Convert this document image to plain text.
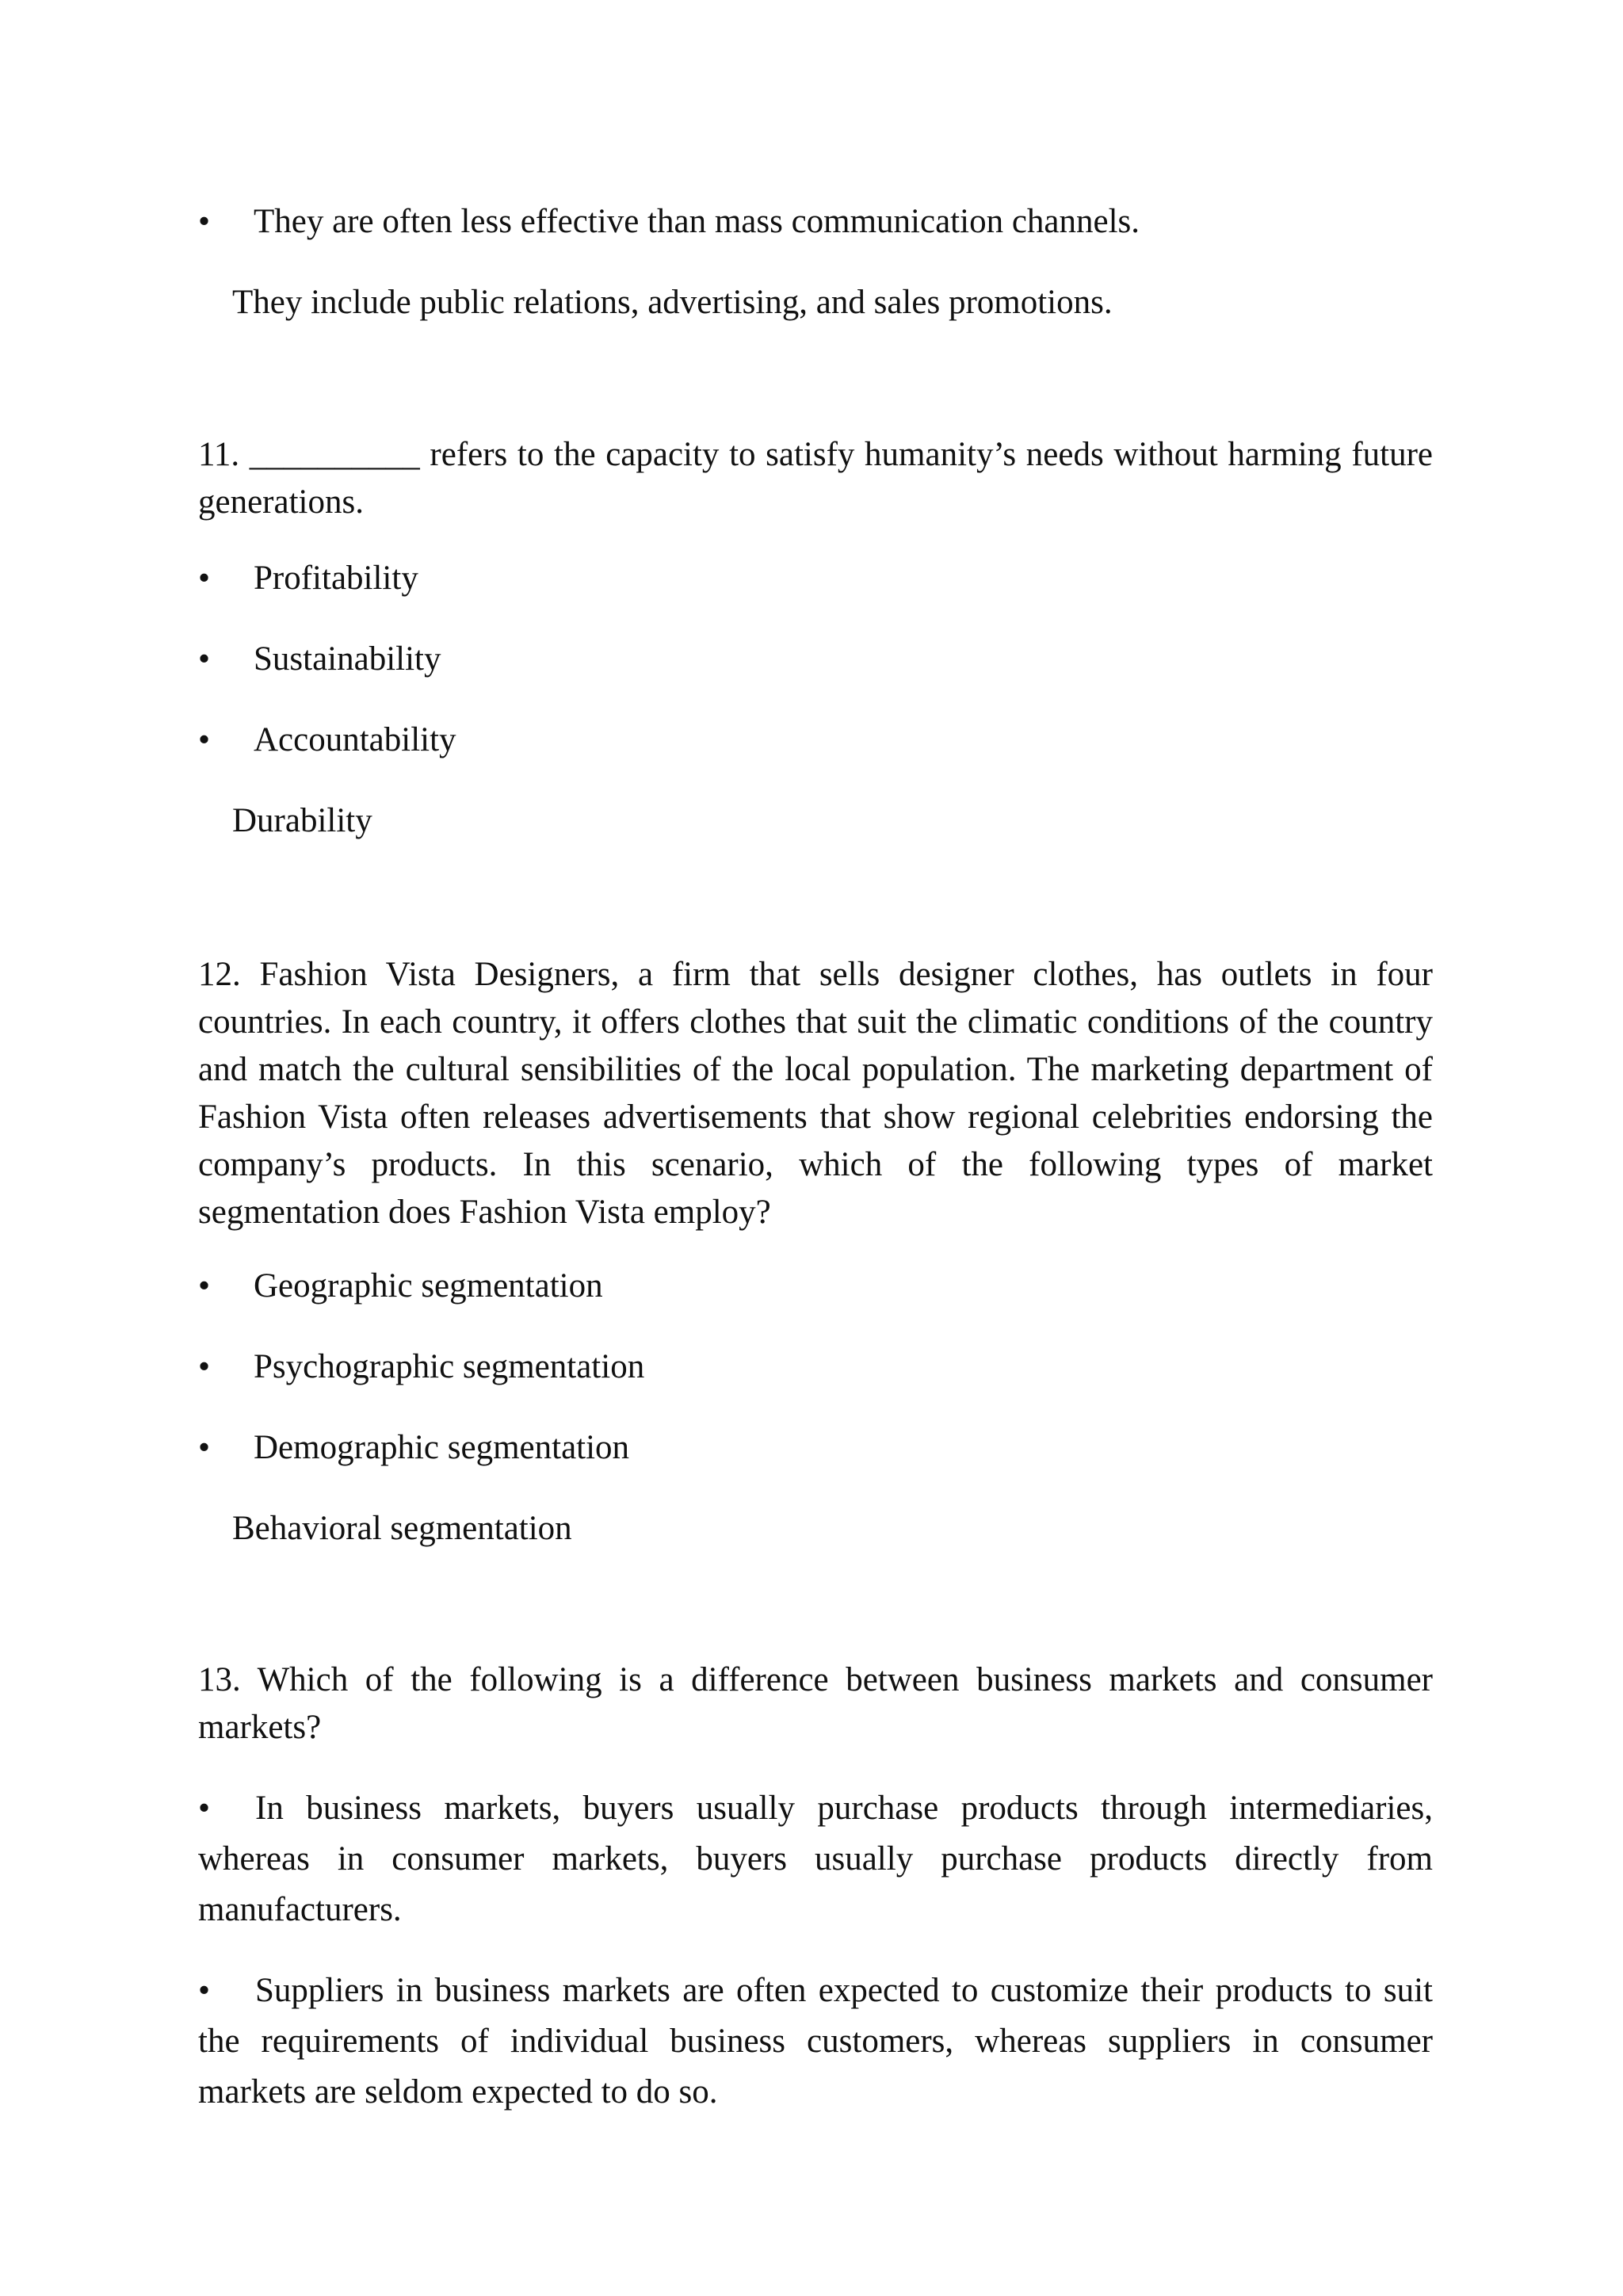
• They are often less effective than mass communication channels.
They include public relations, advertising, and sales promotions.
11. __________ refers to the capacity to satisfy humanity’s needs without harming future generations.
• Profitability
• Sustainability
• Accountability
Durability
12. Fashion Vista Designers, a firm that sells designer clothes, has outlets in four countries. In each country, it offers clothes that suit the climatic conditions of the country and match the cultural sensibilities of the local population. The marketing department of Fashion Vista often releases advertisements that show regional celebrities endorsing the company’s products. In this scenario, which of the following types of market segmentation does Fashion Vista employ?
• Geographic segmentation
• Psychographic segmentation
• Demographic segmentation
Behavioral segmentation
13. Which of the following is a difference between business markets and consumer markets?
• In business markets, buyers usually purchase products through intermediaries, whereas in consumer markets, buyers usually purchase products directly from manufacturers.
• Suppliers in business markets are often expected to customize their products to suit the requirements of individual business customers, whereas suppliers in consumer markets are seldom expected to do so.
